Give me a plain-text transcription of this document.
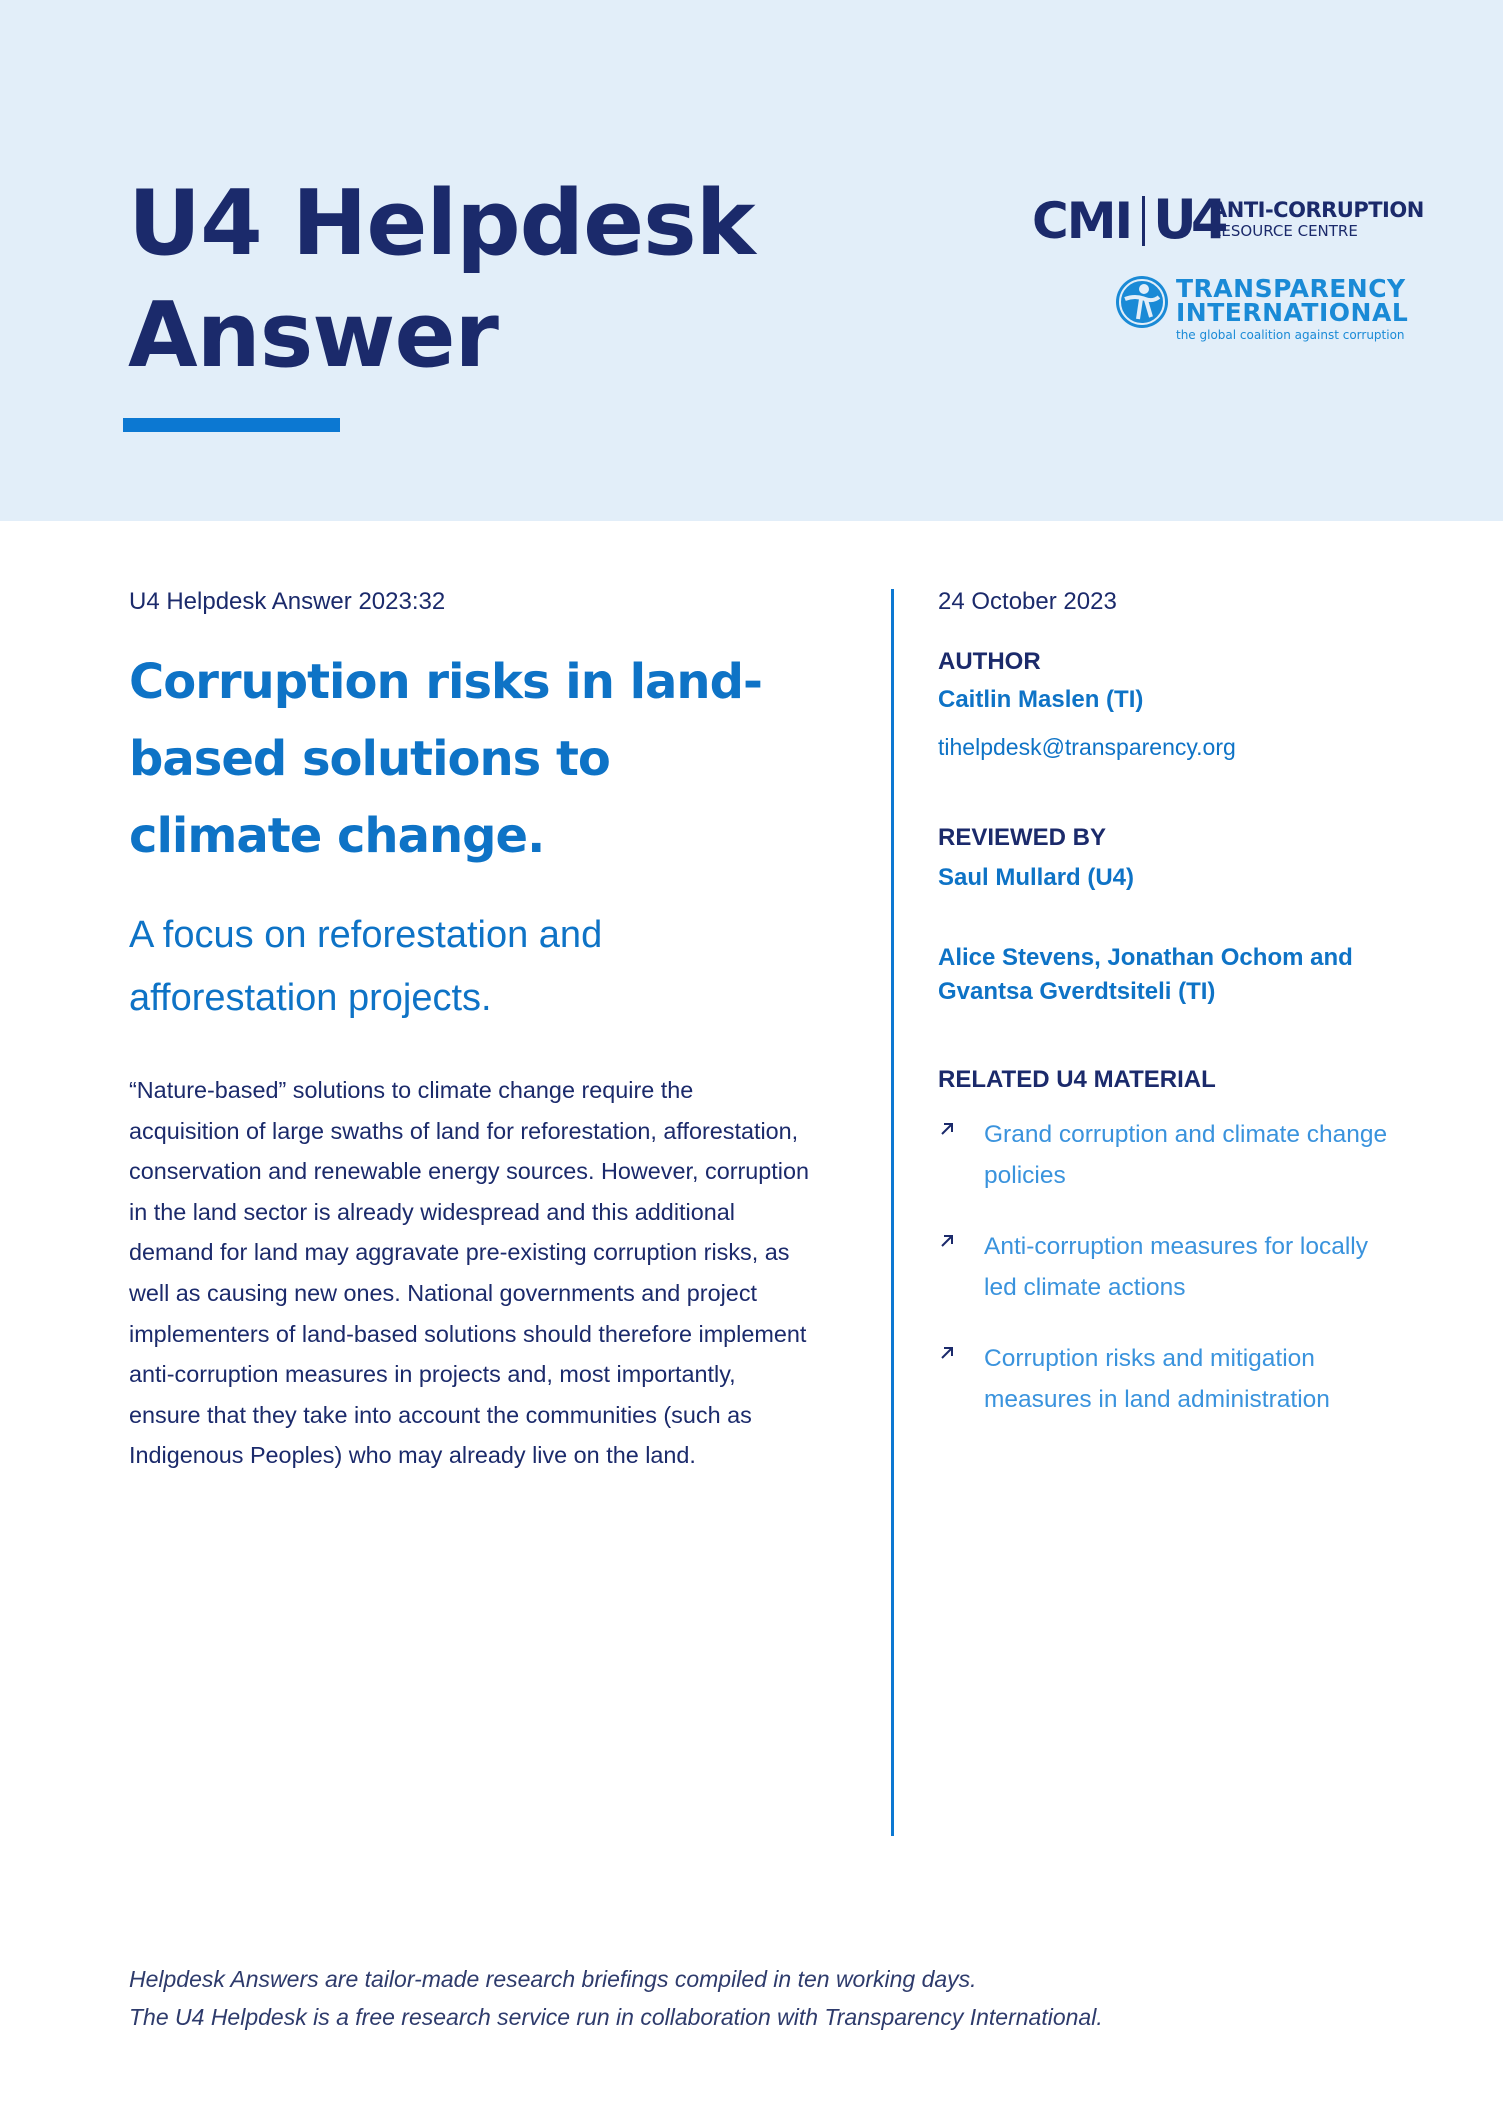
U4 Helpdesk
Answer
CMI U4
ANTI-CORRUPTION
RESOURCE CENTRE
TRANSPARENCY
INTERNATIONAL
the global coalition against corruption
U4 Helpdesk Answer 2023:32
Corruption risks in land-based solutions to climate change.
A focus on reforestation and afforestation projects.

“Nature-based” solutions to climate change require the acquisition of large swaths of land for reforestation, afforestation, conservation and renewable energy sources. However, corruption in the land sector is already widespread and this additional demand for land may aggravate pre-existing corruption risks, as well as causing new ones. National governments and project implementers of land-based solutions should therefore implement anti-corruption measures in projects and, most importantly, ensure that they take into account the communities (such as Indigenous Peoples) who may already live on the land.

24 October 2023
AUTHOR
Caitlin Maslen (TI)
tihelpdesk@transparency.org
REVIEWED BY
Saul Mullard (U4)
Alice Stevens, Jonathan Ochom and Gvantsa Gverdtsiteli (TI)
RELATED U4 MATERIAL
Grand corruption and climate change policies
Anti-corruption measures for locally led climate actions
Corruption risks and mitigation measures in land administration
Helpdesk Answers are tailor-made research briefings compiled in ten working days.
The U4 Helpdesk is a free research service run in collaboration with Transparency International.
